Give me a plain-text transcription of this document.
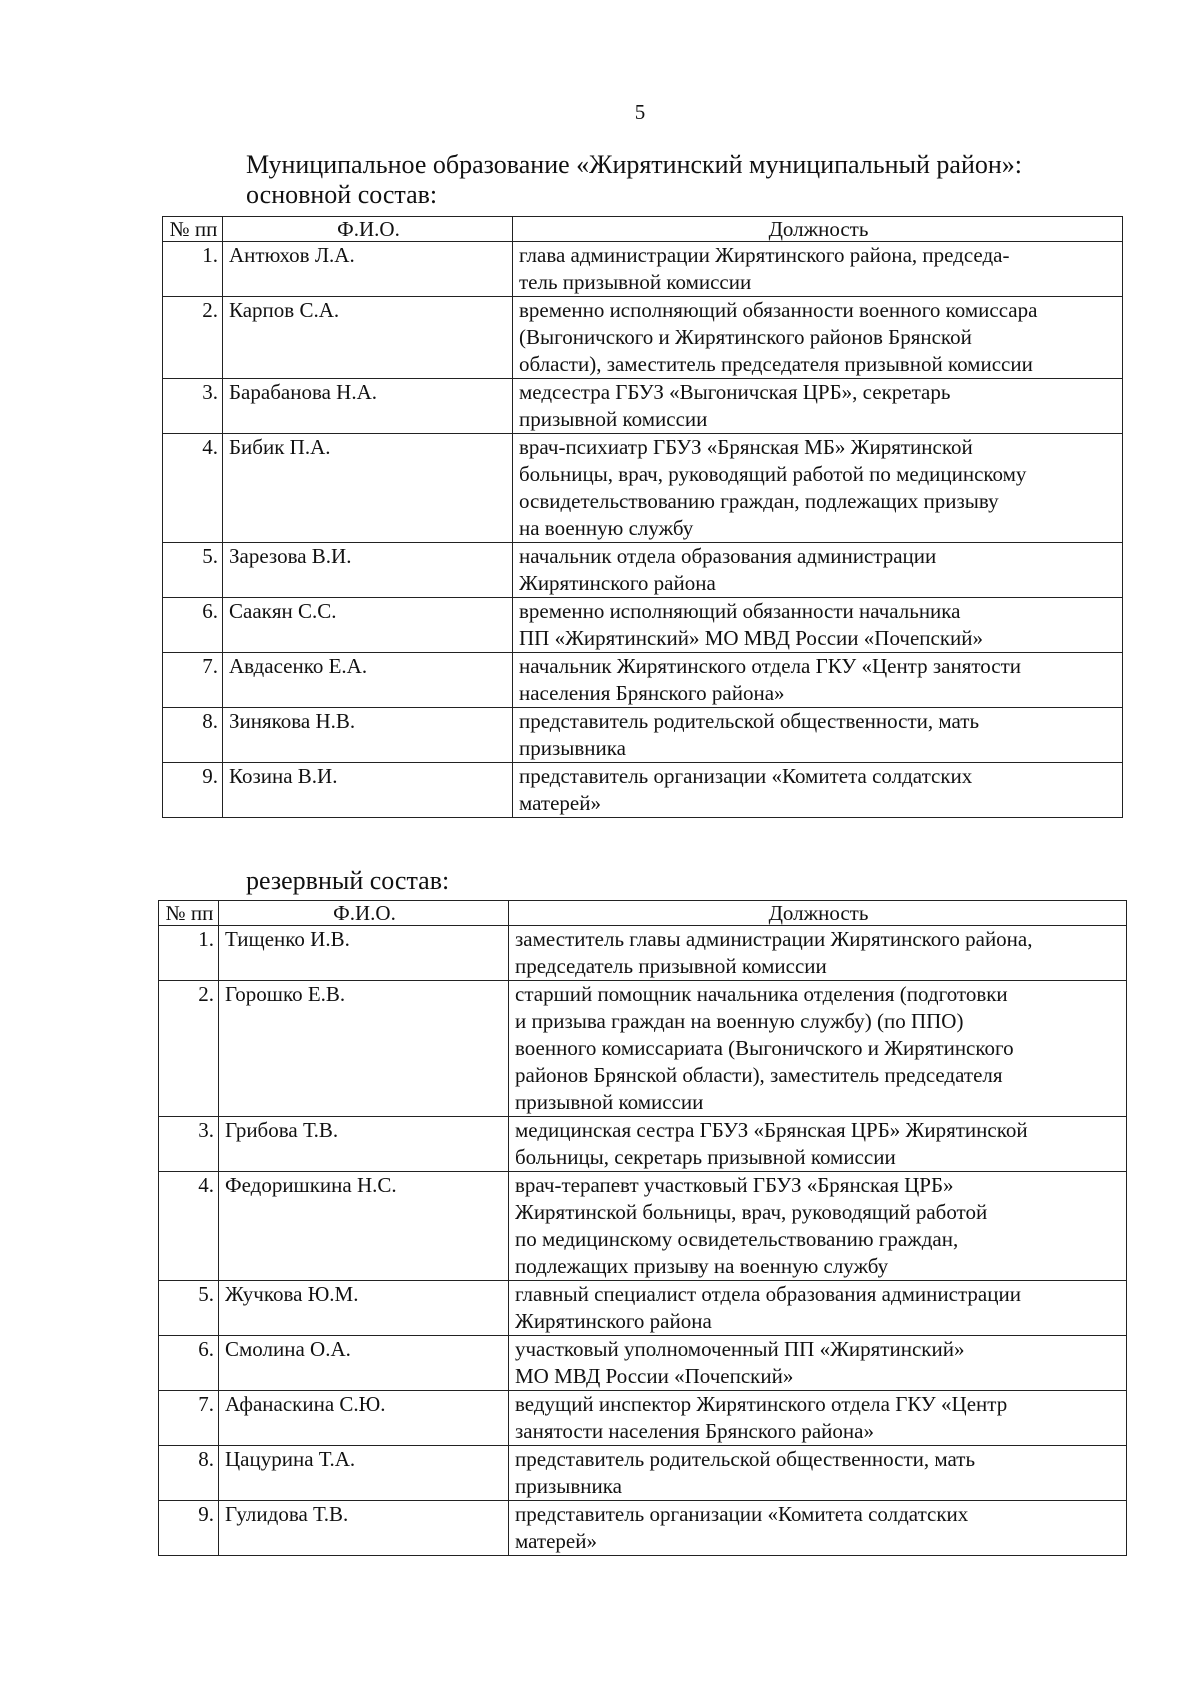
5
Муниципальное образование «Жирятинский муниципальный район»:
основной состав:
№ пп	Ф.И.О.	Должность
1.	Антюхов Л.А.	глава администрации Жирятинского района, председа-
тель призывной комиссии

2.	Карпов С.А.	временно исполняющий обязанности военного комиссара
(Выгоничского и Жирятинского районов Брянской
области), заместитель председателя призывной комиссии

3.	Барабанова Н.А.	медсестра ГБУЗ «Выгоничская ЦРБ», секретарь
призывной комиссии

4.	Бибик П.А.	врач-психиатр ГБУЗ «Брянская МБ» Жирятинской
больницы, врач, руководящий работой по медицинскому
освидетельствованию граждан, подлежащих призыву
на военную службу

5.	Зарезова В.И.	начальник отдела образования администрации
Жирятинского района

6.	Саакян С.С.	временно исполняющий обязанности начальника
ПП «Жирятинский» МО МВД России «Почепский»

7.	Авдасенко Е.А.	начальник Жирятинского отдела ГКУ «Центр занятости
населения Брянского района»

8.	Зинякова Н.В.	представитель родительской общественности, мать
призывника

9.	Козина В.И.	представитель организации «Комитета солдатских
матерей»
резервный состав:
№ пп	Ф.И.О.	Должность
1.	Тищенко И.В.	заместитель главы администрации Жирятинского района,
председатель призывной комиссии

2.	Горошко Е.В.	старший помощник начальника отделения (подготовки
и призыва граждан на военную службу) (по ППО)
военного комиссариата (Выгоничского и Жирятинского
районов Брянской области), заместитель председателя
призывной комиссии

3.	Грибова Т.В.	медицинская сестра ГБУЗ «Брянская ЦРБ» Жирятинской
больницы, секретарь призывной комиссии

4.	Федоришкина Н.С.	врач-терапевт участковый ГБУЗ «Брянская ЦРБ»
Жирятинской больницы, врач, руководящий работой
по медицинскому освидетельствованию граждан,
подлежащих призыву на военную службу

5.	Жучкова Ю.М.	главный специалист отдела образования администрации
Жирятинского района

6.	Смолина О.А.	участковый уполномоченный ПП «Жирятинский»
МО МВД России «Почепский»

7.	Афанаскина С.Ю.	ведущий инспектор Жирятинского отдела ГКУ «Центр
занятости населения Брянского района»

8.	Цацурина Т.А.	представитель родительской общественности, мать
призывника

9.	Гулидова Т.В.	представитель организации «Комитета солдатских
матерей»
